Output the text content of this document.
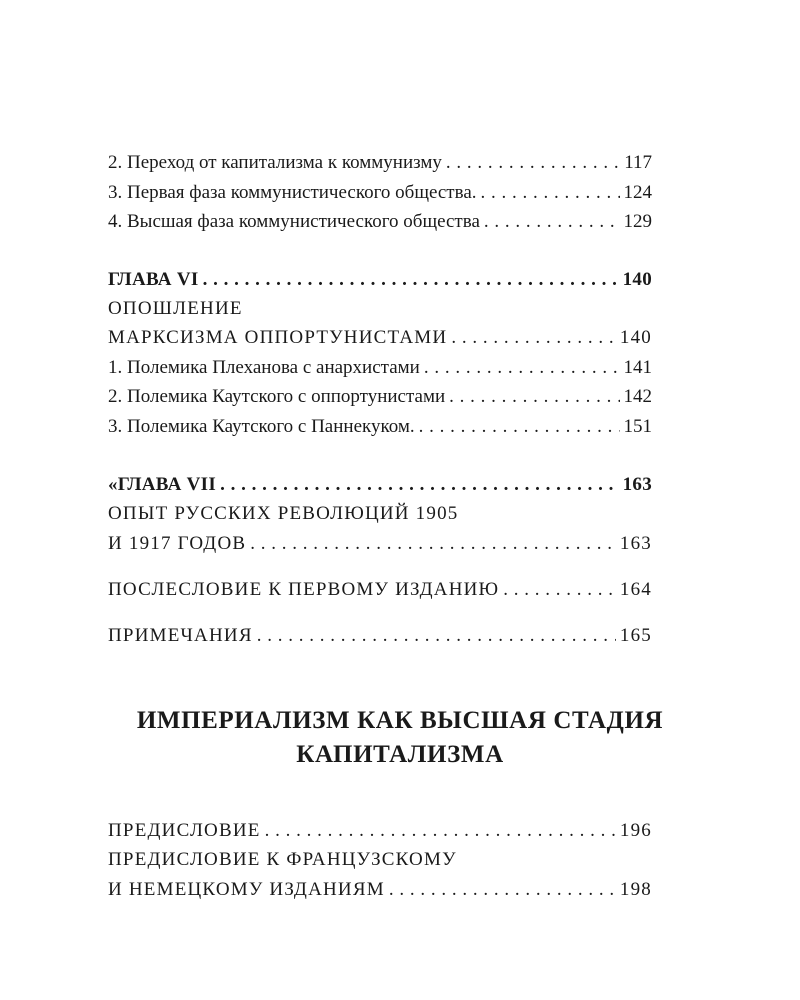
2. Переход от капитализма к коммунизму . . .	117
3. Первая фаза коммунистического общества. . . .	124
4. Высшая фаза коммунистического общества . . .	129
ГЛАВА VI . . .	140
ОПОШЛЕНИЕ
МАРКСИЗМА ОППОРТУНИСТАМИ . . .	140
1. Полемика Плеханова с анархистами . . .	141
2. Полемика Каутского с оппортунистами . . .	142
3. Полемика Каутского с Паннекуком. . . .	151
«ГЛАВА VII . . .	163
ОПЫТ РУССКИХ РЕВОЛЮЦИЙ 1905
И 1917 ГОДОВ . . .	163
ПОСЛЕСЛОВИЕ К ПЕРВОМУ ИЗДАНИЮ . . .	164
ПРИМЕЧАНИЯ . . .	165
ПРЕДИСЛОВИЕ . . .	196
ПРЕДИСЛОВИЕ К ФРАНЦУЗСКОМУ
И НЕМЕЦКОМУ ИЗДАНИЯМ . . .	198
ИМПЕРИАЛИЗМ КАК ВЫСШАЯ СТАДИЯ
КАПИТАЛИЗМА
